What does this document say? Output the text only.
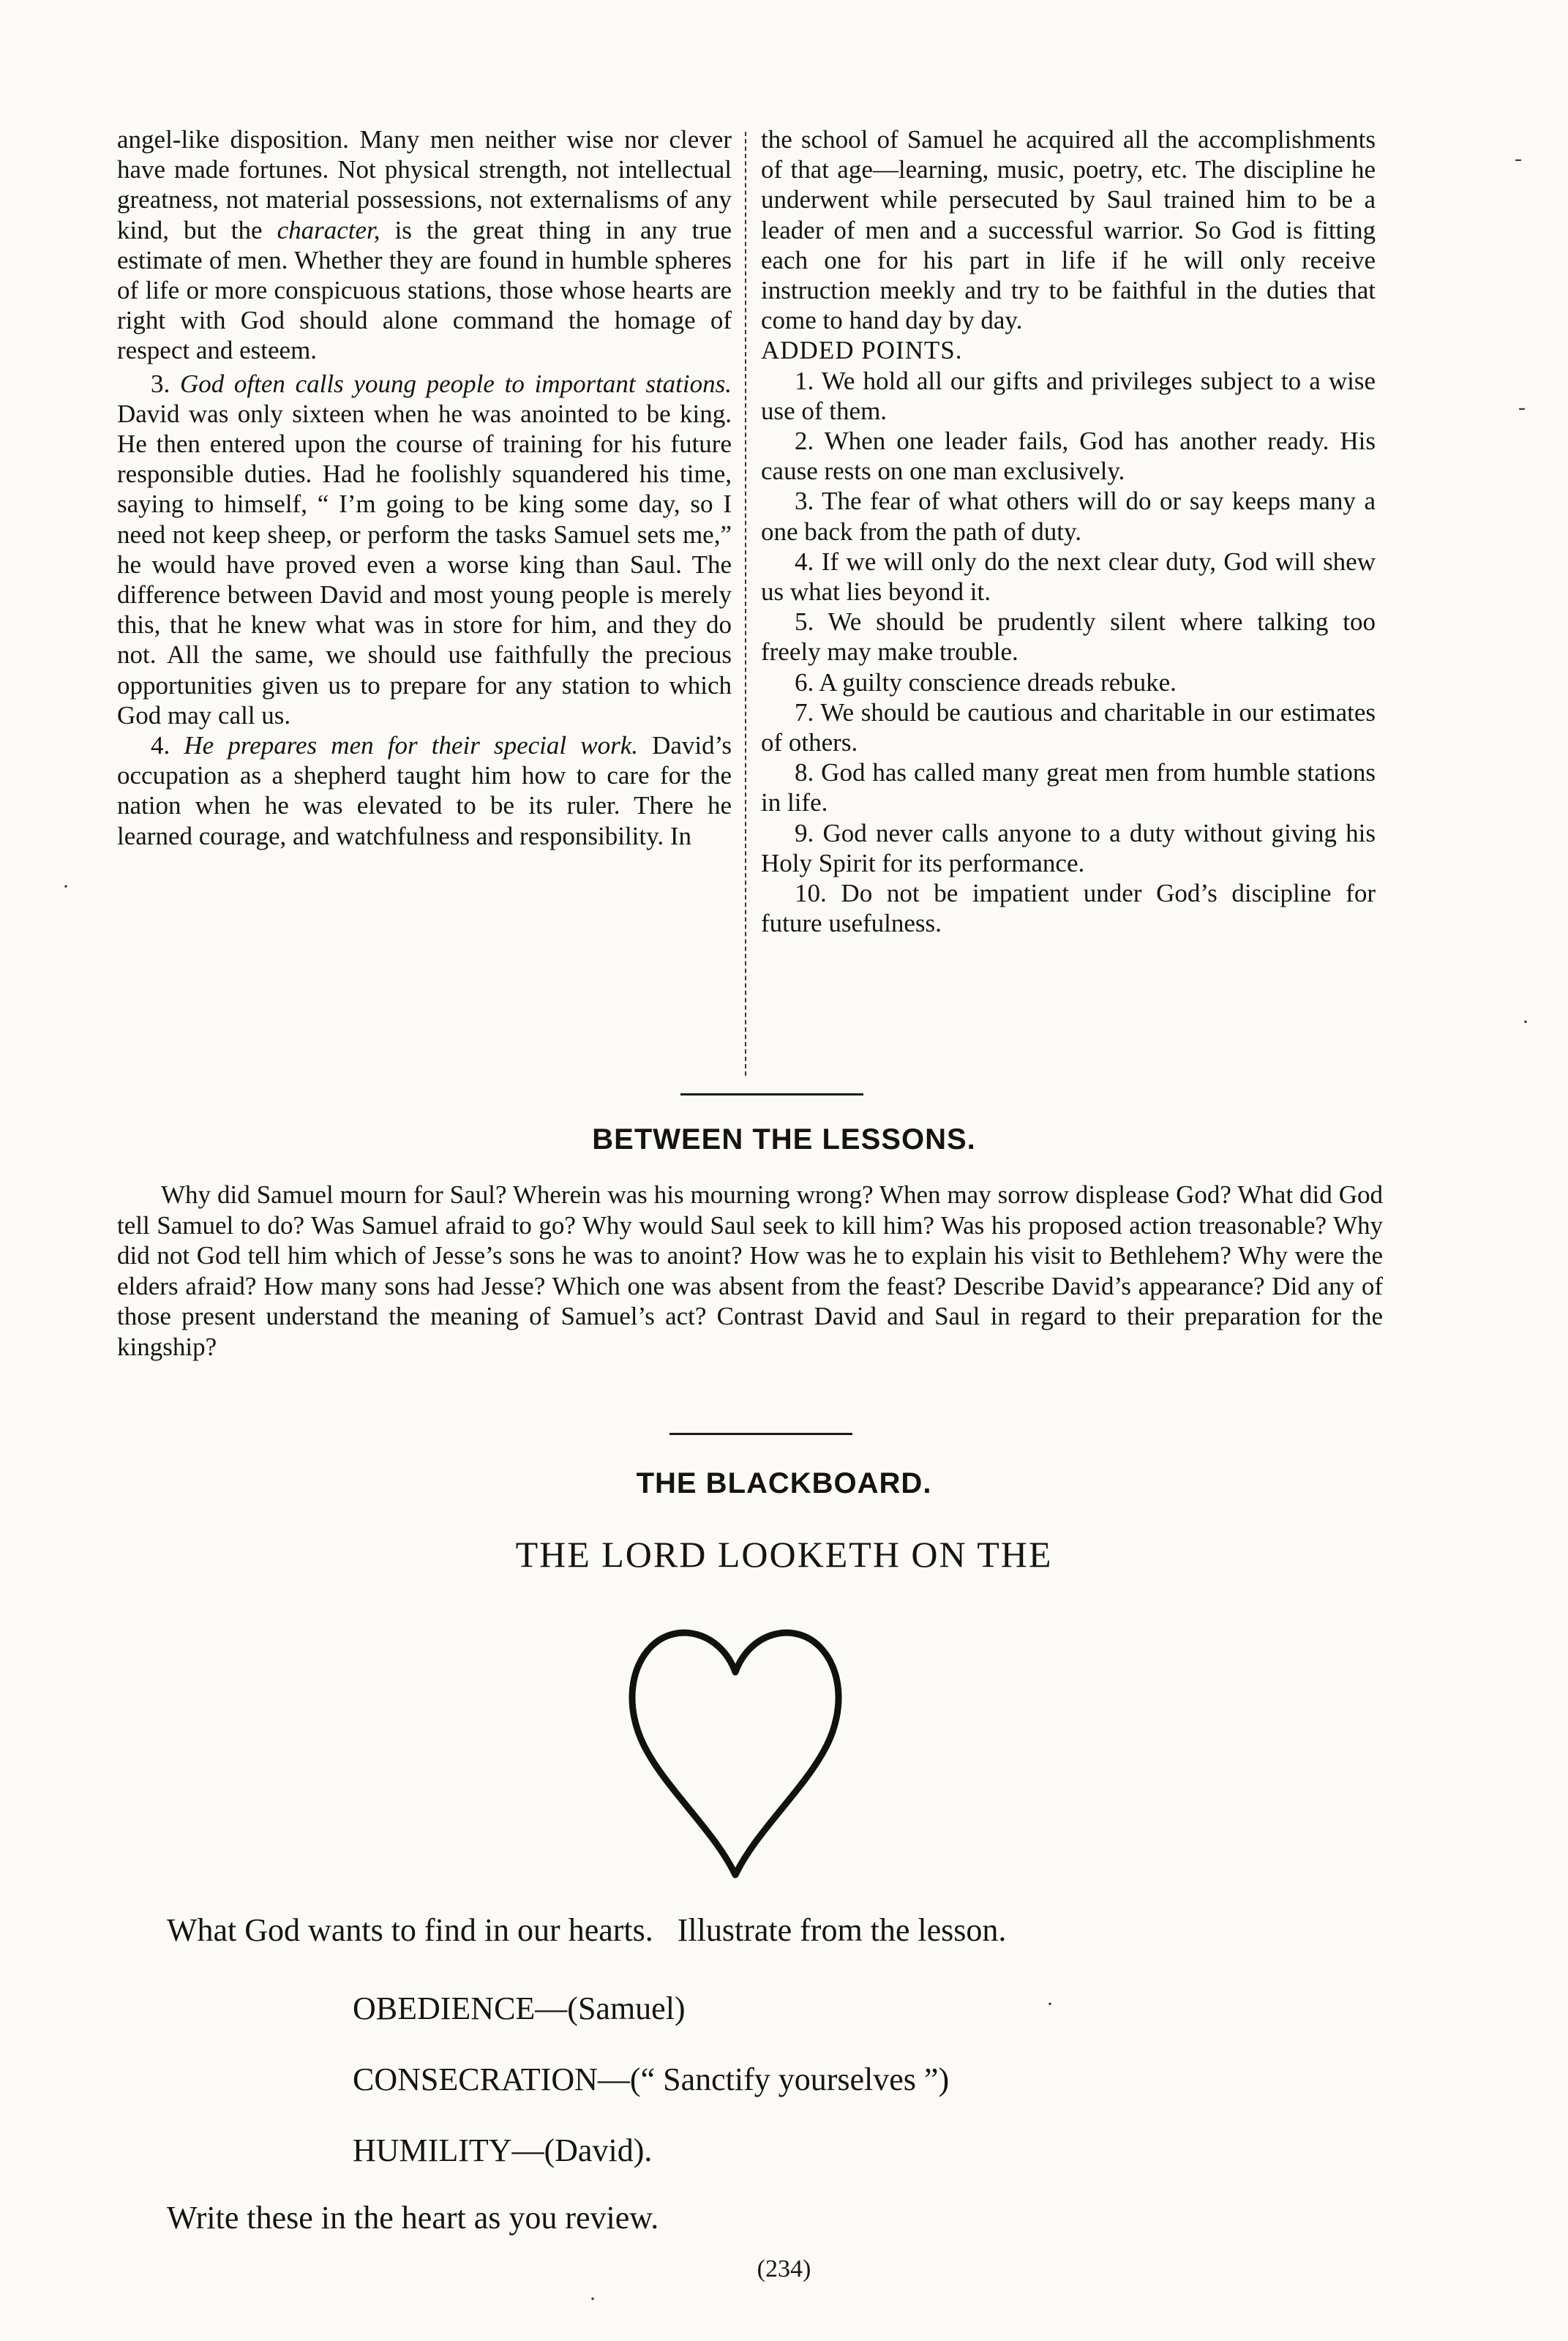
angel-like disposition. Many men neither wise nor clever have made fortunes. Not physical strength, not intellectual greatness, not material possessions, not externalisms of any kind, but the character, is the great thing in any true estimate of men. Whether they are found in humble spheres of life or more conspicuous stations, those whose hearts are right with God should alone command the homage of respect and esteem.

3. God often calls young people to important stations. David was only sixteen when he was anointed to be king. He then entered upon the course of training for his future responsible duties. Had he foolishly squandered his time, saying to himself, “ I’m going to be king some day, so I need not keep sheep, or perform the tasks Samuel sets me,” he would have proved even a worse king than Saul. The difference between David and most young people is merely this, that he knew what was in store for him, and they do not. All the same, we should use faithfully the precious opportunities given us to prepare for any station to which God may call us.

4. He prepares men for their special work. David’s occupation as a shepherd taught him how to care for the nation when he was elevated to be its ruler. There he learned courage, and watchfulness and responsibility. In

the school of Samuel he acquired all the accomplishments of that age—learning, music, poetry, etc. The discipline he underwent while persecuted by Saul trained him to be a leader of men and a successful warrior. So God is fitting each one for his part in life if he will only receive instruction meekly and try to be faithful in the duties that come to hand day by day.

ADDED POINTS.

1. We hold all our gifts and privileges subject to a wise use of them.

2. When one leader fails, God has another ready. His cause rests on one man exclusively.

3. The fear of what others will do or say keeps many a one back from the path of duty.

4. If we will only do the next clear duty, God will shew us what lies beyond it.

5. We should be prudently silent where talking too freely may make trouble.

6. A guilty conscience dreads rebuke.

7. We should be cautious and charitable in our estimates of others.

8. God has called many great men from humble stations in life.

9. God never calls anyone to a duty without giving his Holy Spirit for its performance.

10. Do not be impatient under God’s discipline for future usefulness.

BETWEEN THE LESSONS.

Why did Samuel mourn for Saul? Wherein was his mourning wrong? When may sorrow displease God? What did God tell Samuel to do? Was Samuel afraid to go? Why would Saul seek to kill him? Was his proposed action treasonable? Why did not God tell him which of Jesse’s sons he was to anoint? How was he to explain his visit to Bethlehem? Why were the elders afraid? How many sons had Jesse? Which one was absent from the feast? Describe David’s appearance? Did any of those present understand the meaning of Samuel’s act? Contrast David and Saul in regard to their preparation for the kingship?

THE BLACKBOARD.
THE LORD LOOKETH ON THE
What God wants to find in our hearts.   Illustrate from the lesson.
OBEDIENCE—(Samuel)
CONSECRATION—(“ Sanctify yourselves ”)
HUMILITY—(David).
Write these in the heart as you review.
(234)
-
-
·
·
·
·
